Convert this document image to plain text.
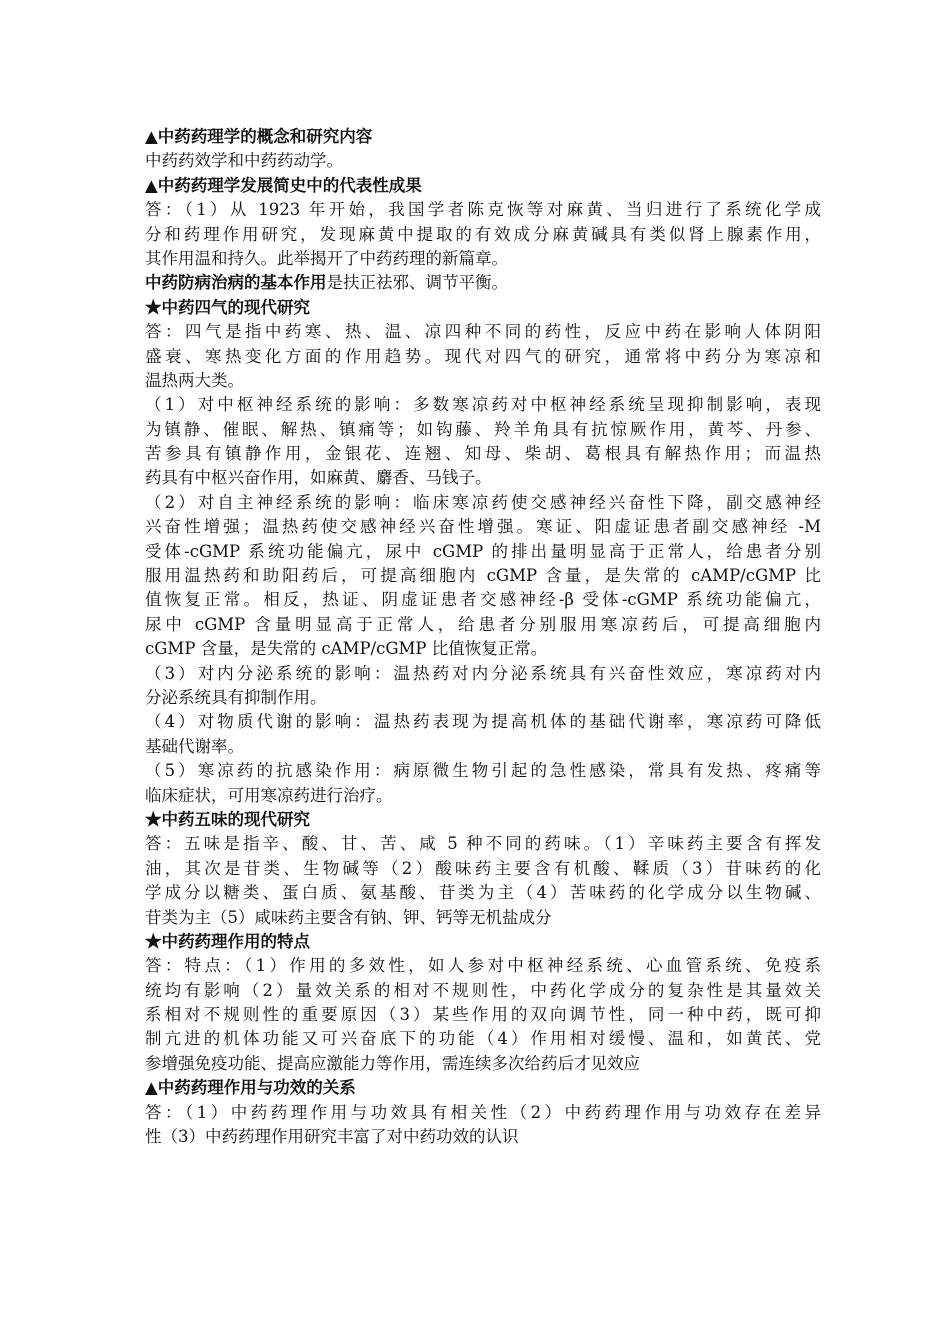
▲中药药理学的概念和研究内容
中药药效学和中药药动学。
▲中药药理学发展简史中的代表性成果
答：（1）从 1923 年开始，我国学者陈克恢等对麻黄、当归进行了系统化学成
分和药理作用研究，发现麻黄中提取的有效成分麻黄碱具有类似肾上腺素作用，
其作用温和持久。此举揭开了中药药理的新篇章。
中药防病治病的基本作用是扶正祛邪、调节平衡。
★中药四气的现代研究
答：四气是指中药寒、热、温、凉四种不同的药性，反应中药在影响人体阴阳
盛衰、寒热变化方面的作用趋势。现代对四气的研究，通常将中药分为寒凉和
温热两大类。
（1）对中枢神经系统的影响：多数寒凉药对中枢神经系统呈现抑制影响，表现
为镇静、催眠、解热、镇痛等；如钩藤、羚羊角具有抗惊厥作用，黄芩、丹参、
苦参具有镇静作用，金银花、连翘、知母、柴胡、葛根具有解热作用；而温热
药具有中枢兴奋作用，如麻黄、麝香、马钱子。
（2）对自主神经系统的影响：临床寒凉药使交感神经兴奋性下降，副交感神经
兴奋性增强；温热药使交感神经兴奋性增强。寒证、阳虚证患者副交感神经 -M
受体-cGMP 系统功能偏亢，尿中 cGMP 的排出量明显高于正常人，给患者分别
服用温热药和助阳药后，可提高细胞内 cGMP 含量，是失常的 cAMP/cGMP 比
值恢复正常。相反，热证、阴虚证患者交感神经-β 受体-cGMP 系统功能偏亢，
尿中 cGMP 含量明显高于正常人，给患者分别服用寒凉药后，可提高细胞内
cGMP 含量，是失常的 cAMP/cGMP 比值恢复正常。
（3）对内分泌系统的影响：温热药对内分泌系统具有兴奋性效应，寒凉药对内
分泌系统具有抑制作用。
（4）对物质代谢的影响：温热药表现为提高机体的基础代谢率，寒凉药可降低
基础代谢率。
（5）寒凉药的抗感染作用：病原微生物引起的急性感染，常具有发热、疼痛等
临床症状，可用寒凉药进行治疗。
★中药五味的现代研究
答：五味是指辛、酸、甘、苦、咸 5 种不同的药味。（1）辛味药主要含有挥发
油，其次是苷类、生物碱等（2）酸味药主要含有机酸、鞣质（3）苷味药的化
学成分以糖类、蛋白质、氨基酸、苷类为主（4）苦味药的化学成分以生物碱、
苷类为主（5）咸味药主要含有钠、钾、钙等无机盐成分
★中药药理作用的特点
答：特点：（1）作用的多效性，如人参对中枢神经系统、心血管系统、免疫系
统均有影响（2）量效关系的相对不规则性，中药化学成分的复杂性是其量效关
系相对不规则性的重要原因（3）某些作用的双向调节性，同一种中药，既可抑
制亢进的机体功能又可兴奋底下的功能（4）作用相对缓慢、温和，如黄芪、党
参增强免疫功能、提高应激能力等作用，需连续多次给药后才见效应
▲中药药理作用与功效的关系
答：（1）中药药理作用与功效具有相关性（2）中药药理作用与功效存在差异
性（3）中药药理作用研究丰富了对中药功效的认识
